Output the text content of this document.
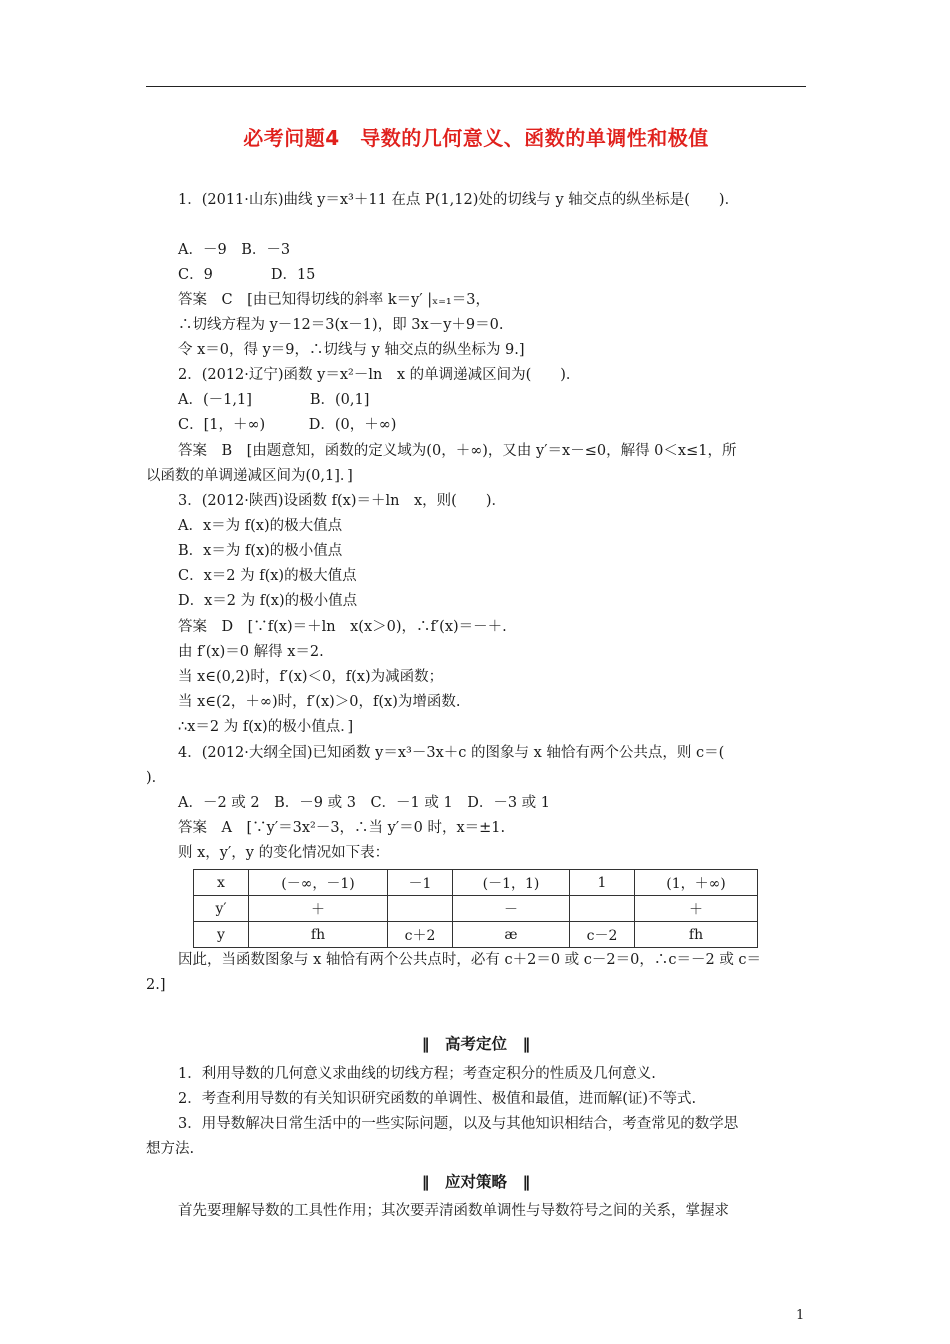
必考问题4　导数的几何意义、函数的单调性和极值
1．(2011·山东)曲线 y＝x³＋11 在点 P(1,12)处的切线与 y 轴交点的纵坐标是(　　)．
A．－9　B．－3
C．9　　　　D．15
答案　C　[由已知得切线的斜率 k＝y′ |ₓ₌₁＝3，
∴切线方程为 y－12＝3(x－1)，即 3x－y＋9＝0.
令 x＝0，得 y＝9，∴切线与 y 轴交点的纵坐标为 9.]
2．(2012·辽宁)函数 y＝x²－ln　x 的单调递减区间为(　　)．
A．(－1,1]　　　　B．(0,1]
C．[1，＋∞)　　　D．(0，＋∞)
答案　B　[由题意知，函数的定义域为(0，＋∞)，又由 y′＝x－≤0，解得 0＜x≤1，所
以函数的单调递减区间为(0,1]．]
3．(2012·陕西)设函数 f(x)＝＋ln　x，则(　　)．
A．x＝为 f(x)的极大值点
B．x＝为 f(x)的极小值点
C．x＝2 为 f(x)的极大值点
D．x＝2 为 f(x)的极小值点
答案　D　[∵f(x)＝＋ln　x(x＞0)，∴f′(x)＝－＋.
由 f′(x)＝0 解得 x＝2.
当 x∈(0,2)时，f′(x)＜0，f(x)为减函数；
当 x∈(2，＋∞)时，f′(x)＞0，f(x)为增函数.
∴x＝2 为 f(x)的极小值点．]
4．(2012·大纲全国)已知函数 y＝x³－3x＋c 的图象与 x 轴恰有两个公共点，则 c＝(
)．
A．－2 或 2　B．－9 或 3　C．－1 或 1　D．－3 或 1
答案　A　[∵y′＝3x²－3，∴当 y′＝0 时，x＝±1.
则 x，y′，y 的变化情况如下表：
x	(－∞，－1)	－1	(－1，1)	1	(1，＋∞)
y′	＋		－		＋
y	fh	c＋2	æ	c－2	fh
因此，当函数图象与 x 轴恰有两个公共点时，必有 c＋2＝0 或 c－2＝0，∴c＝－2 或 c＝
2.]
‖　高考定位　‖
1．利用导数的几何意义求曲线的切线方程；考查定积分的性质及几何意义.
2．考查利用导数的有关知识研究函数的单调性、极值和最值，进而解(证)不等式.
3．用导数解决日常生活中的一些实际问题，以及与其他知识相结合，考查常见的数学思
想方法.
‖　应对策略　‖
首先要理解导数的工具性作用；其次要弄清函数单调性与导数符号之间的关系，掌握求
1
